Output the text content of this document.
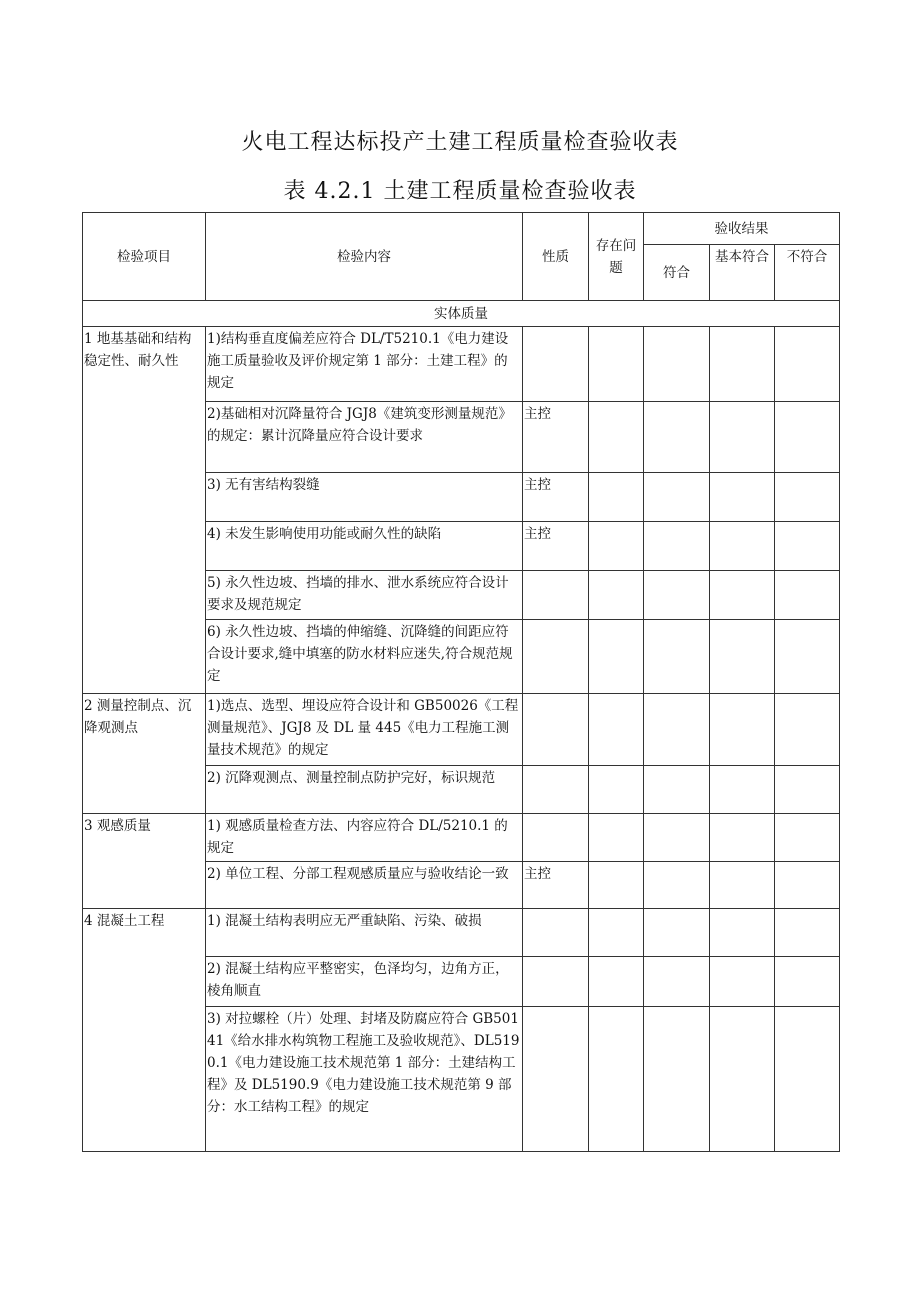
火电工程达标投产土建工程质量检查验收表
表 4.2.1 土建工程质量检查验收表
检验项目	检验内容	性质	存在问题	验收结果		
				符合	基本符合	不符合
实体质量						
1 地基基础和结构稳定性、耐久性	1)结构垂直度偏差应符合 DL/T5210.1《电力建设施工质量验收及评价规定第 1 部分：土建工程》的规定					
	2)基础相对沉降量符合 JGJ8《建筑变形测量规范》的规定：累计沉降量应符合设计要求	主控				
	3) 无有害结构裂缝	主控				
	4) 未发生影响使用功能或耐久性的缺陷	主控				
	5) 永久性边坡、挡墙的排水、泄水系统应符合设计要求及规范规定					
	6) 永久性边坡、挡墙的伸缩缝、沉降缝的间距应符合设计要求,缝中填塞的防水材料应迷失,符合规范规定					
2 测量控制点、沉降观测点	1)选点、选型、埋设应符合设计和 GB50026《工程测量规范》、JGJ8 及 DL 量 445《电力工程施工测量技术规范》的规定					
	2) 沉降观测点、测量控制点防护完好，标识规范					
3 观感质量	1) 观感质量检查方法、内容应符合 DL/5210.1 的规定					
	2) 单位工程、分部工程观感质量应与验收结论一致	主控				
4 混凝土工程	1) 混凝土结构表明应无严重缺陷、污染、破损					
	2) 混凝土结构应平整密实，色泽均匀，边角方正，棱角顺直					
	3) 对拉螺栓（片）处理、封堵及防腐应符合 GB50141《给水排水构筑物工程施工及验收规范》、DL5190.1《电力建设施工技术规范第 1 部分：土建结构工程》及 DL5190.9《电力建设施工技术规范第 9 部分：水工结构工程》的规定					
